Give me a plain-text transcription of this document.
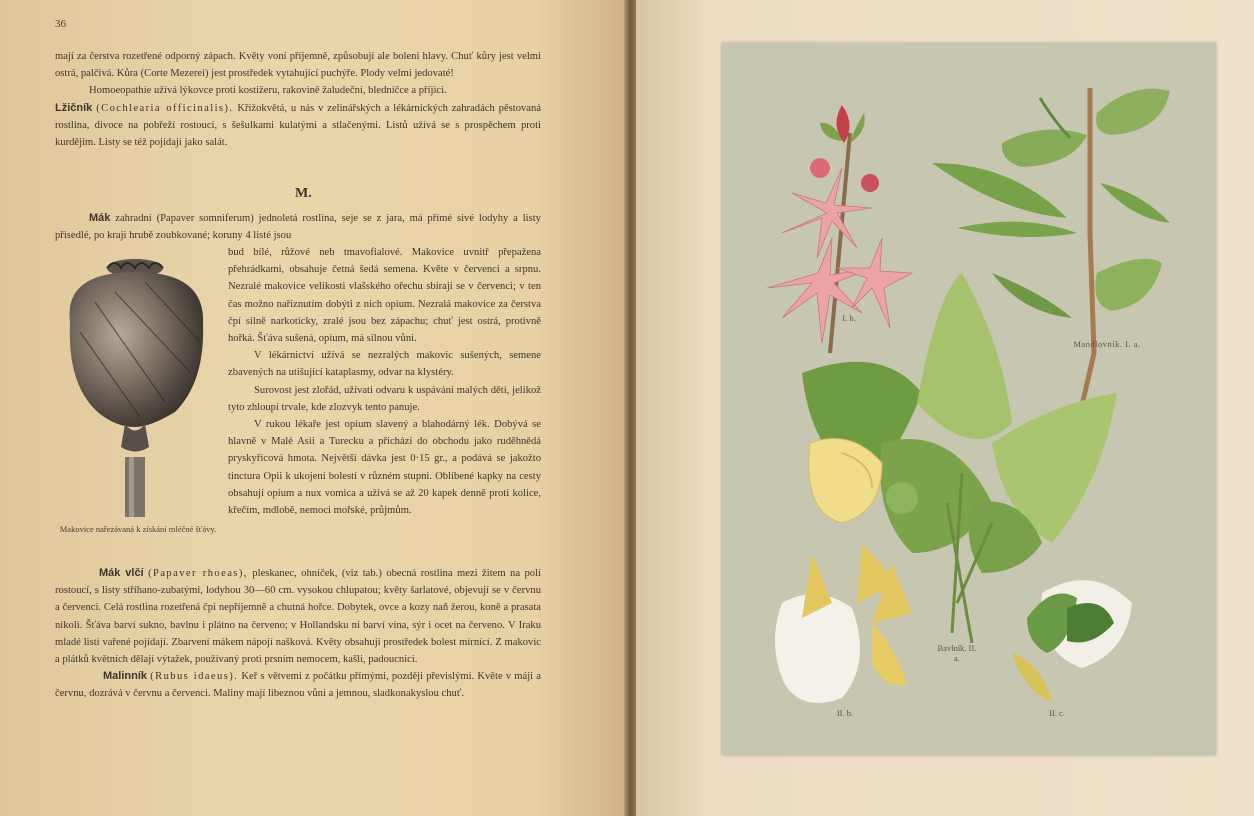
36

mají za čerstva rozetřené odporný zápach. Květy voní příjemně, způsobují ale bolení hlavy. Chuť kůry jest velmi ostrá, palčivá. Kůra (Corte Mezerei) jest prostředek vytahující puchýře. Plody velmi jedovaté!

Homoeopathie užívá lýkovce proti kostižeru, rakovině žaludeční, bledničce a příjici.

Lžičník (Cochlearia officinalis). Křižokvětá, u nás v zelinářských a lékárnických zahradách pěstovaná rostlina, divoce na pobřeží rostoucí, s šešulkami kulatými a stlačenými. Listů užívá se s prospěchem proti kurdějím. Listy se též pojídají jako salát.

M.

Mák zahradní (Papaver somniferum) jednoletá rostlina, seje se z jara, má přímé sivé lodyhy a listy přisedlé, po kraji hrubě zoubkované; koruny 4 listé jsou

bud bílé, růžové neb tmavofialové. Makovice uvnitř přepažena přehrádkami, obsahuje četná šedá semena. Květe v červenci a srpnu. Nezralé makovice velikosti vlašského ořechu sbírají se v červenci; v ten čas možno naříznutím dobýti z nich opium. Nezralá makovice za čerstva čpí silně narkoticky, zralé jsou bez zápachu; chuť jest ostrá, protivně hořká. Šťáva sušená, opium, má silnou vůni.

V lékárnictví užívá se nezralých makovic sušených, semene zbavených na utišující kataplasmy, odvar na klystéry.

Surovost jest zlořád, užívati odvaru k uspávání malých dětí, jelikož tyto zhloupí trvale, kde zlozvyk tento panuje.

V rukou lékaře jest opium slavený a blahodárný lék. Dobývá se hlavně v Malé Asii a Turecku a přichází do obchodu jako ruděhnědá pryskyřicová hmota. Největší dávka jest 0·15 gr., a podává se jakožto tinctura Opii k ukojení bolestí v různém stupni. Oblíbené kapky na cesty obsahují opium a nux vomica a užívá se až 20 kapek denně proti kolice, křečím, mdlobě, nemoci mořské, průjmům.

Makovice nařezávaná k získání mléčné šťávy.

Mák vlčí (Papaver rhoeas), pleskanec, ohníček, (viz tab.) obecná rostlina mezi žitem na polí rostoucí, s listy stříhano-zubatými, lodyhou 30—60 cm. vysokou chlupatou; květy šarlatové, objevují se v červnu a červenci. Celá rostlina rozetřená čpí nepříjemně a chutná hořce. Dobytek, ovce a kozy naň žerou, koně a prasata nikoli. Šťáva barví sukno, bavlnu i plátno na červeno; v Hollandsku ní barví vína, sýr i ocet na červeno. V Iraku mladé listí vařené pojídají. Zbarvení mákem nápojí našková. Květy obsahují prostředek bolest mírnící. Z makovic a plátků květních dělají výtažek, používaný proti prsním nemocem, kašli, padoucnici.

Malinník (Rubus idaeus). Keř s větvemi z počátku přímými, později převislými. Květe v máji a červnu, dozrává v červnu a červenci. Maliny mají libeznou vůni a jemnou, sladkonakyslou chuť.

I. b.
Mandlovník. I. a.
Bavlník. II. a.
II. b.	II. c.
